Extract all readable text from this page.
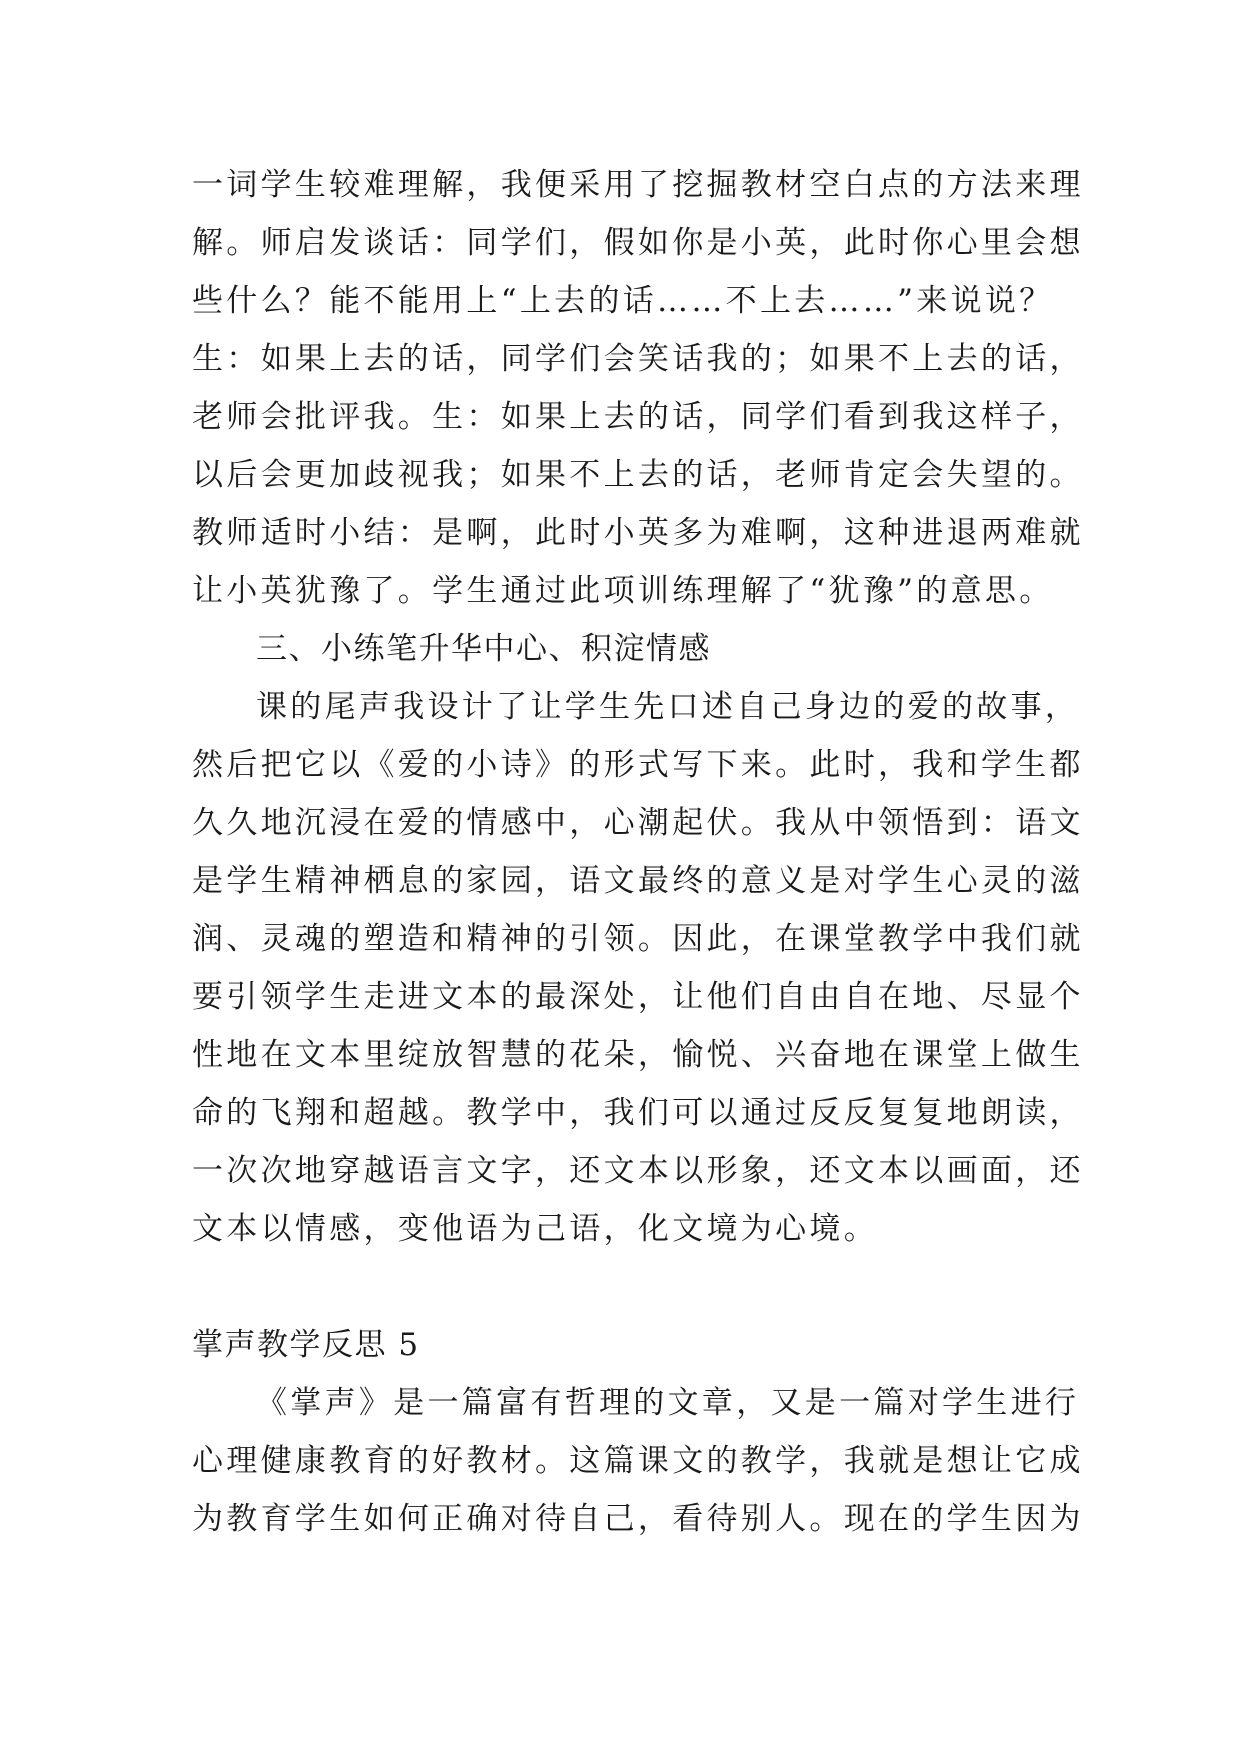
一词学生较难理解，我便采用了挖掘教材空白点的方法来理
解。师启发谈话：同学们，假如你是小英，此时你心里会想
些什么？能不能用上“上去的话……不上去……”来说说？
生：如果上去的话，同学们会笑话我的；如果不上去的话，
老师会批评我。生：如果上去的话，同学们看到我这样子，
以后会更加歧视我；如果不上去的话，老师肯定会失望的。
教师适时小结：是啊，此时小英多为难啊，这种进退两难就
让小英犹豫了。学生通过此项训练理解了“犹豫”的意思。
三、小练笔升华中心、积淀情感
课的尾声我设计了让学生先口述自己身边的爱的故事，
然后把它以《爱的小诗》的形式写下来。此时，我和学生都
久久地沉浸在爱的情感中，心潮起伏。我从中领悟到：语文
是学生精神栖息的家园，语文最终的意义是对学生心灵的滋
润、灵魂的塑造和精神的引领。因此，在课堂教学中我们就
要引领学生走进文本的最深处，让他们自由自在地、尽显个
性地在文本里绽放智慧的花朵，愉悦、兴奋地在课堂上做生
命的飞翔和超越。教学中，我们可以通过反反复复地朗读，
一次次地穿越语言文字，还文本以形象，还文本以画面，还
文本以情感，变他语为己语，化文境为心境。
掌声教学反思 5
《掌声》是一篇富有哲理的文章，又是一篇对学生进行
心理健康教育的好教材。这篇课文的教学，我就是想让它成
为教育学生如何正确对待自己，看待别人。现在的学生因为
